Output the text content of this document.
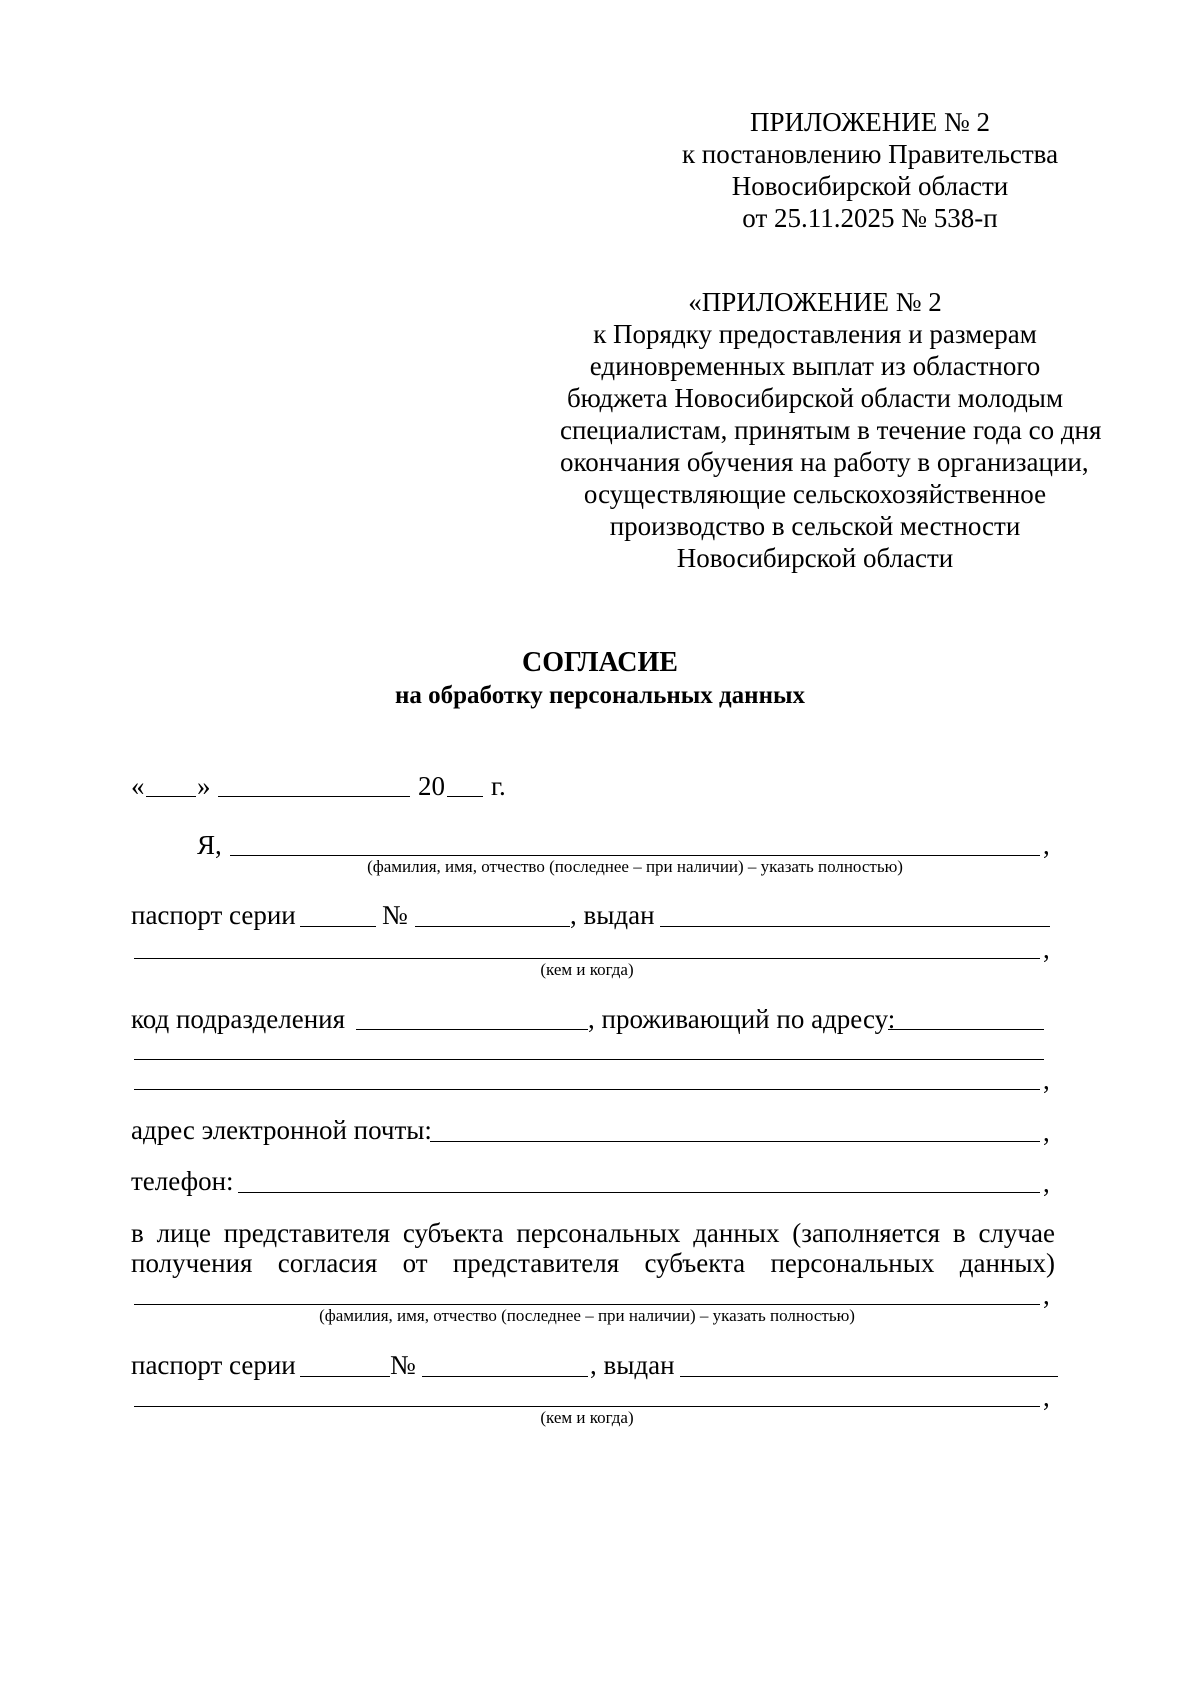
ПРИЛОЖЕНИЕ № 2
к постановлению Правительства
Новосибирской области
от 25.11.2025 № 538-п
«ПРИЛОЖЕНИЕ № 2
к Порядку предоставления и размерам
единовременных выплат из областного
бюджета Новосибирской области молодым
специалистам, принятым в течение года со дня
окончания обучения на работу в организации,
осуществляющие сельскохозяйственное
производство в сельской местности
Новосибирской области
СОГЛАСИЕ
на обработку персональных данных
« »	20 г.
Я,	,
(фамилия, имя, отчество (последнее – при наличии) – указать полностью)
паспорт серии	№	, выдан
,
(кем и когда)
код подразделения	, проживающий по адресу:
,
адрес электронной почты:	,
телефон:	,
в лице представителя субъекта персональных данных (заполняется в случае
получения согласия от представителя субъекта персональных данных)
,
(фамилия, имя, отчество (последнее – при наличии) – указать полностью)
паспорт серии	№	, выдан
,
(кем и когда)
